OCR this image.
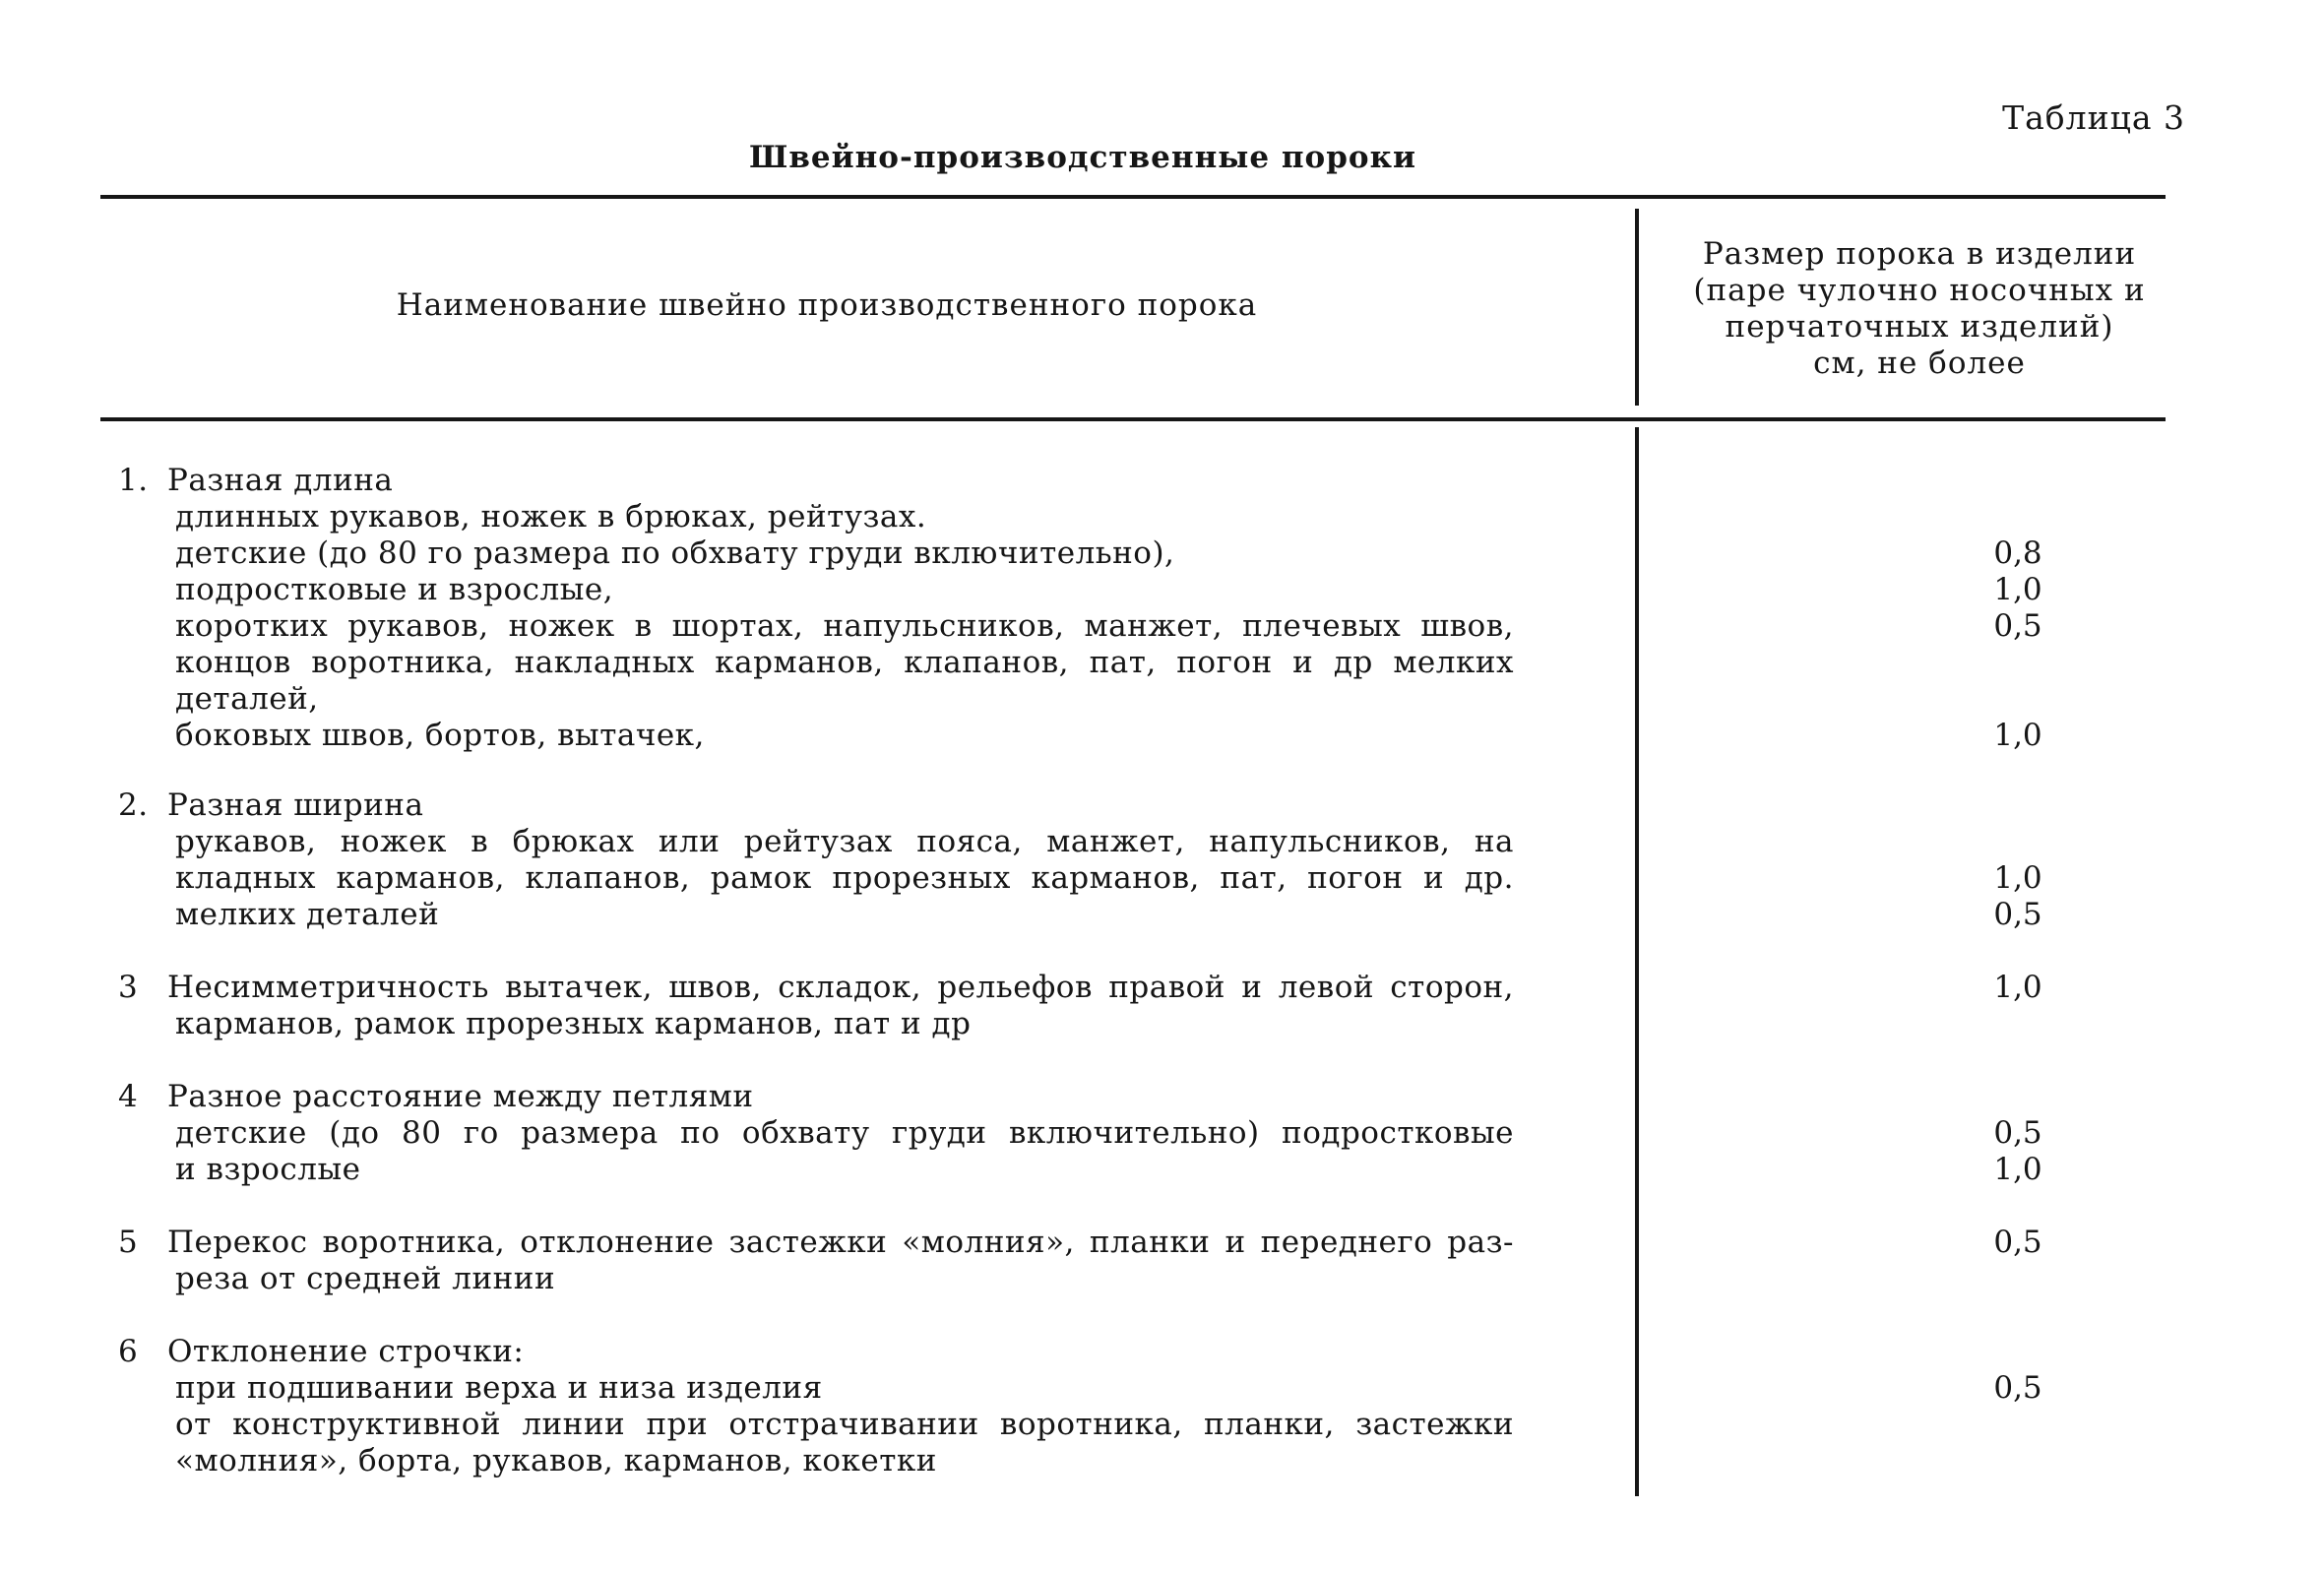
Таблица 3
Швейно-производственные пороки
Наименование швейно производственного порока
Размер порока в изделии
(паре чулочно носочных и
перчаточных изделий)
см, не более
1. Разная длина
длинных рукавов, ножек в брюках, рейтузах.
детские (до 80 го размера по обхвату груди включительно),
подростковые и взрослые,
коротких рукавов, ножек в шортах, напульсников, манжет, плечевых швов,
концов воротника, накладных карманов, клапанов, пат, погон и др мелких
деталей,
боковых швов, бортов, вытачек,
0,8
1,0
0,5
1,0
2. Разная ширина
рукавов, ножек в брюках или рейтузах пояса, манжет, напульсников, на
кладных карманов, клапанов, рамок прорезных карманов, пат, погон и др.
мелких деталей
1,0
0,5
3 Несимметричность вытачек, швов, складок, рельефов правой и левой сторон,
карманов, рамок прорезных карманов, пат и др
1,0
4 Разное расстояние между петлями
детские (до 80 го размера по обхвату груди включительно) подростковые
и взрослые
0,5
1,0
5 Перекос воротника, отклонение застежки «молния», планки и переднего раз-
реза от средней линии
0,5
6 Отклонение строчки:
при подшивании верха и низа изделия
от конструктивной линии при отстрачивании воротника, планки, застежки
«молния», борта, рукавов, карманов, кокетки
0,5
